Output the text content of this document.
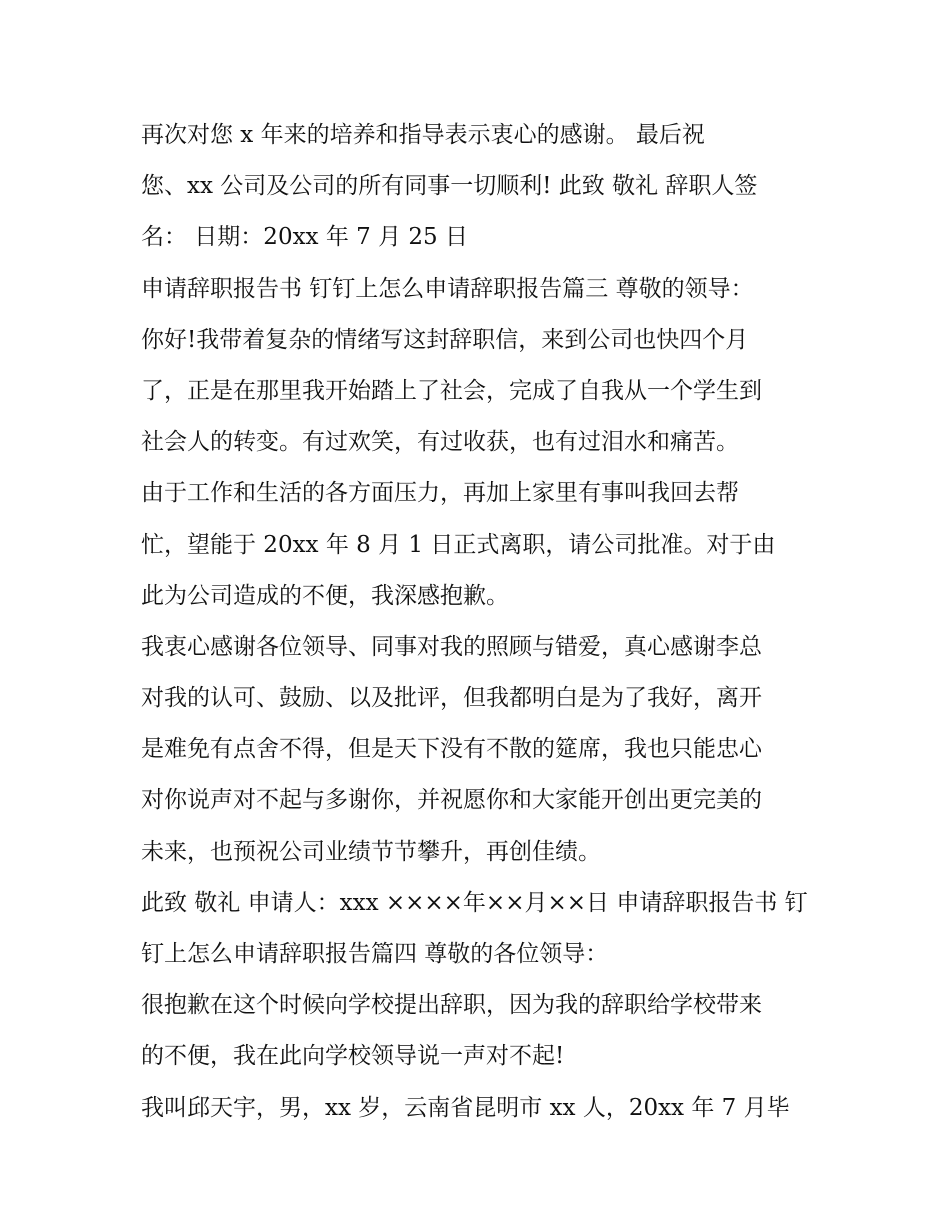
再次对您 x 年来的培养和指导表示衷心的感谢。 最后祝
您、xx 公司及公司的所有同事一切顺利! 此致 敬礼 辞职人签
名： 日期：20xx 年 7 月 25 日
申请辞职报告书 钉钉上怎么申请辞职报告篇三 尊敬的领导：
你好!我带着复杂的情绪写这封辞职信，来到公司也快四个月
了，正是在那里我开始踏上了社会，完成了自我从一个学生到
社会人的转变。有过欢笑，有过收获，也有过泪水和痛苦。
由于工作和生活的各方面压力，再加上家里有事叫我回去帮
忙，望能于 20xx 年 8 月 1 日正式离职，请公司批准。对于由
此为公司造成的不便，我深感抱歉。
我衷心感谢各位领导、同事对我的照顾与错爱，真心感谢李总
对我的认可、鼓励、以及批评，但我都明白是为了我好，离开
是难免有点舍不得，但是天下没有不散的筵席，我也只能忠心
对你说声对不起与多谢你，并祝愿你和大家能开创出更完美的
未来，也预祝公司业绩节节攀升，再创佳绩。
此致 敬礼 申请人：xxx ××××年××月××日 申请辞职报告书 钉
钉上怎么申请辞职报告篇四 尊敬的各位领导：
很抱歉在这个时候向学校提出辞职，因为我的辞职给学校带来
的不便，我在此向学校领导说一声对不起!
我叫邱天宇，男，xx 岁，云南省昆明市 xx 人，20xx 年 7 月毕
